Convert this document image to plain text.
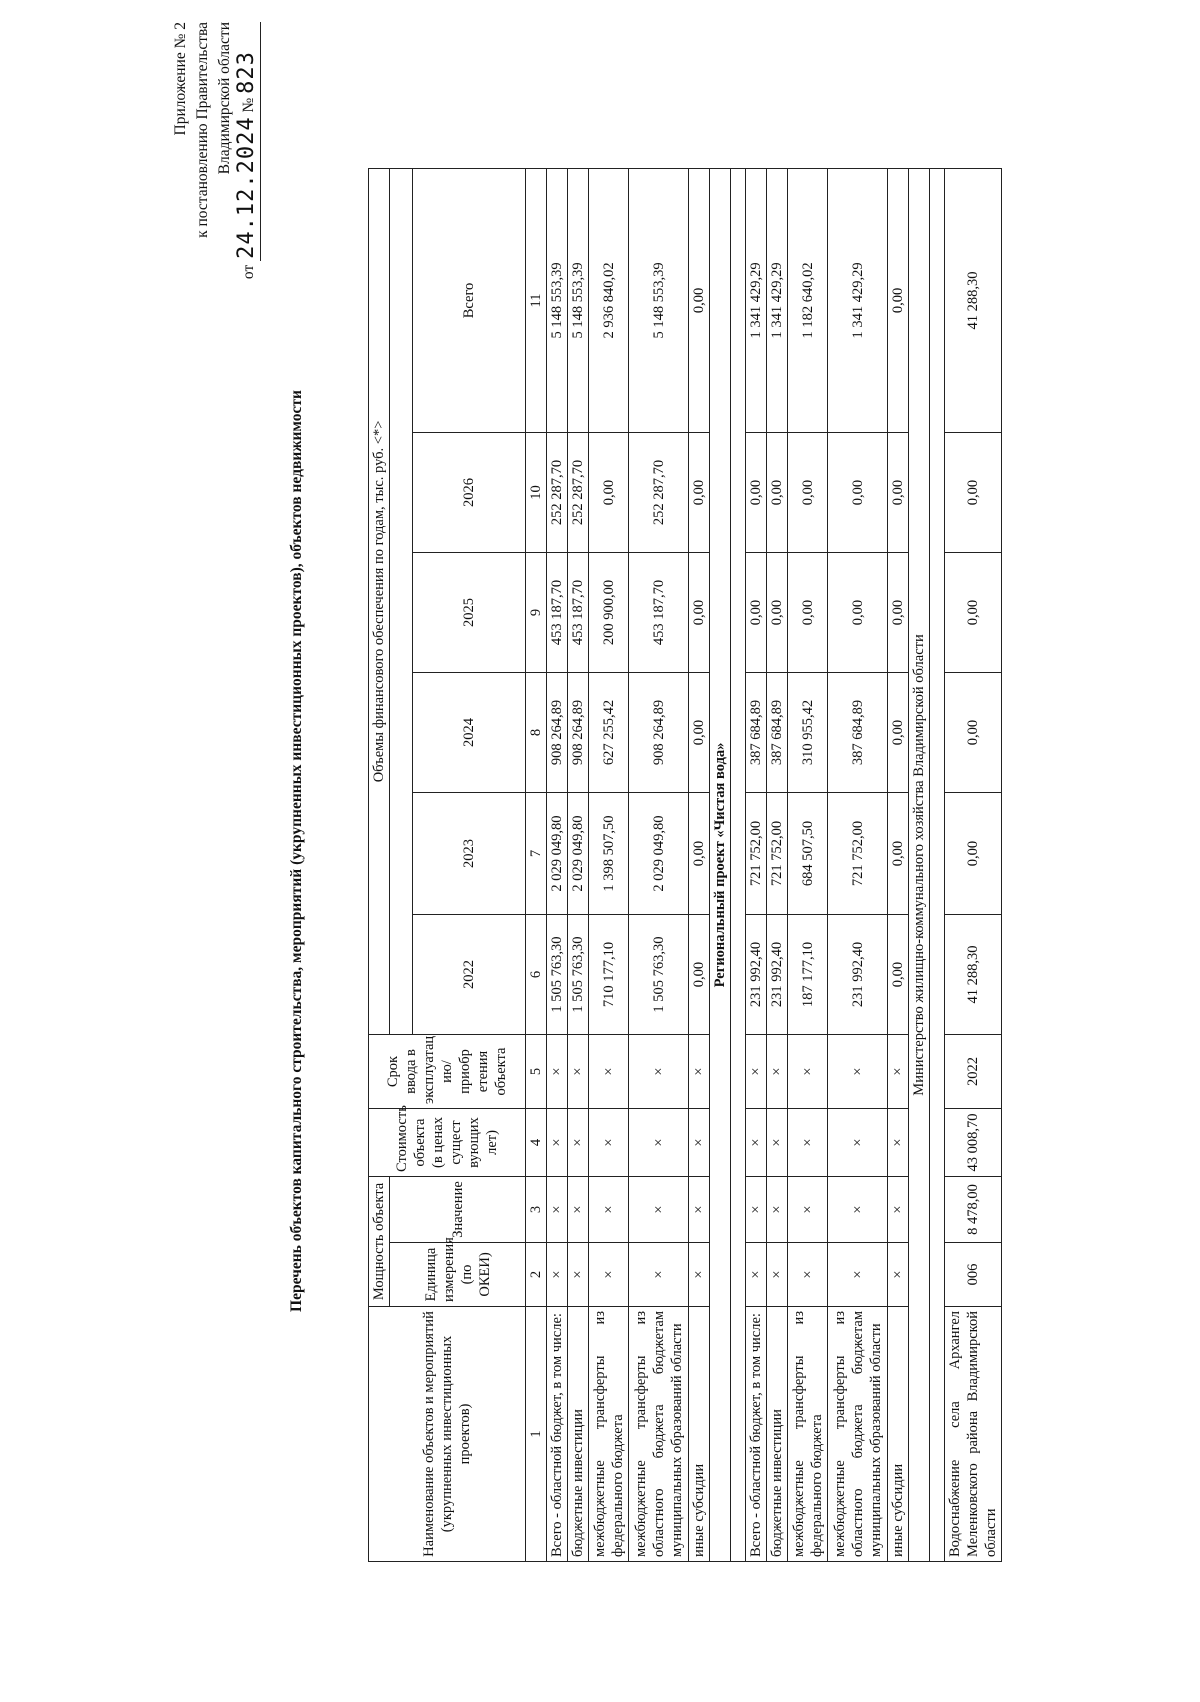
Приложение № 2 к постановлению Правительства Владимирской области
от 24.12.2024 № 823
Перечень объектов капитального строительства, мероприятий (укрупненных инвестиционных проектов), объектов недвижимости
Наименование объектов и мероприятий (укрупненных инвестиционных проектов)	Мощность объекта		Стоимость объекта (в ценах сущест вующих лет)	Срок ввода в эксплуатац ию/приобр етения объекта	Объемы финансового обеспечения по годам, тыс. руб. <*>					
	Единица измерения (по ОКЕИ)	Значение								
					2022	2023	2024	2025	2026	Всего
1	2	3	4	5	6	7	8	9	10	11
Всего - областной бюджет, в том числе:	×	×	×	×	1 505 763,30	2 029 049,80	908 264,89	453 187,70	252 287,70	5 148 553,39
бюджетные инвестиции	×	×	×	×	1 505 763,30	2 029 049,80	908 264,89	453 187,70	252 287,70	5 148 553,39
межбюджетные трансферты из федерального бюджета	×	×	×	×	710 177,10	1 398 507,50	627 255,42	200 900,00	0,00	2 936 840,02
межбюджетные трансферты из областного бюджета бюджетам муниципальных образований области	×	×	×	×	1 505 763,30	2 029 049,80	908 264,89	453 187,70	252 287,70	5 148 553,39
иные субсидии	×	×	×	×	0,00	0,00	0,00	0,00	0,00	0,00
Региональный проект «Чистая вода»										

Всего - областной бюджет, в том числе:	×	×	×	×	231 992,40	721 752,00	387 684,89	0,00	0,00	1 341 429,29
бюджетные инвестиции	×	×	×	×	231 992,40	721 752,00	387 684,89	0,00	0,00	1 341 429,29
межбюджетные трансферты из федерального бюджета	×	×	×	×	187 177,10	684 507,50	310 955,42	0,00	0,00	1 182 640,02
межбюджетные трансферты из областного бюджета бюджетам муниципальных образований области	×	×	×	×	231 992,40	721 752,00	387 684,89	0,00	0,00	1 341 429,29
иные субсидии	×	×	×	×	0,00	0,00	0,00	0,00	0,00	0,00
Министерство жилищно-коммунального хозяйства Владимирской области										

Водоснабжение села Архангел Меленковского района Владимирской области	006	8 478,00	43 008,70	2022	41 288,30	0,00	0,00	0,00	0,00	41 288,30
